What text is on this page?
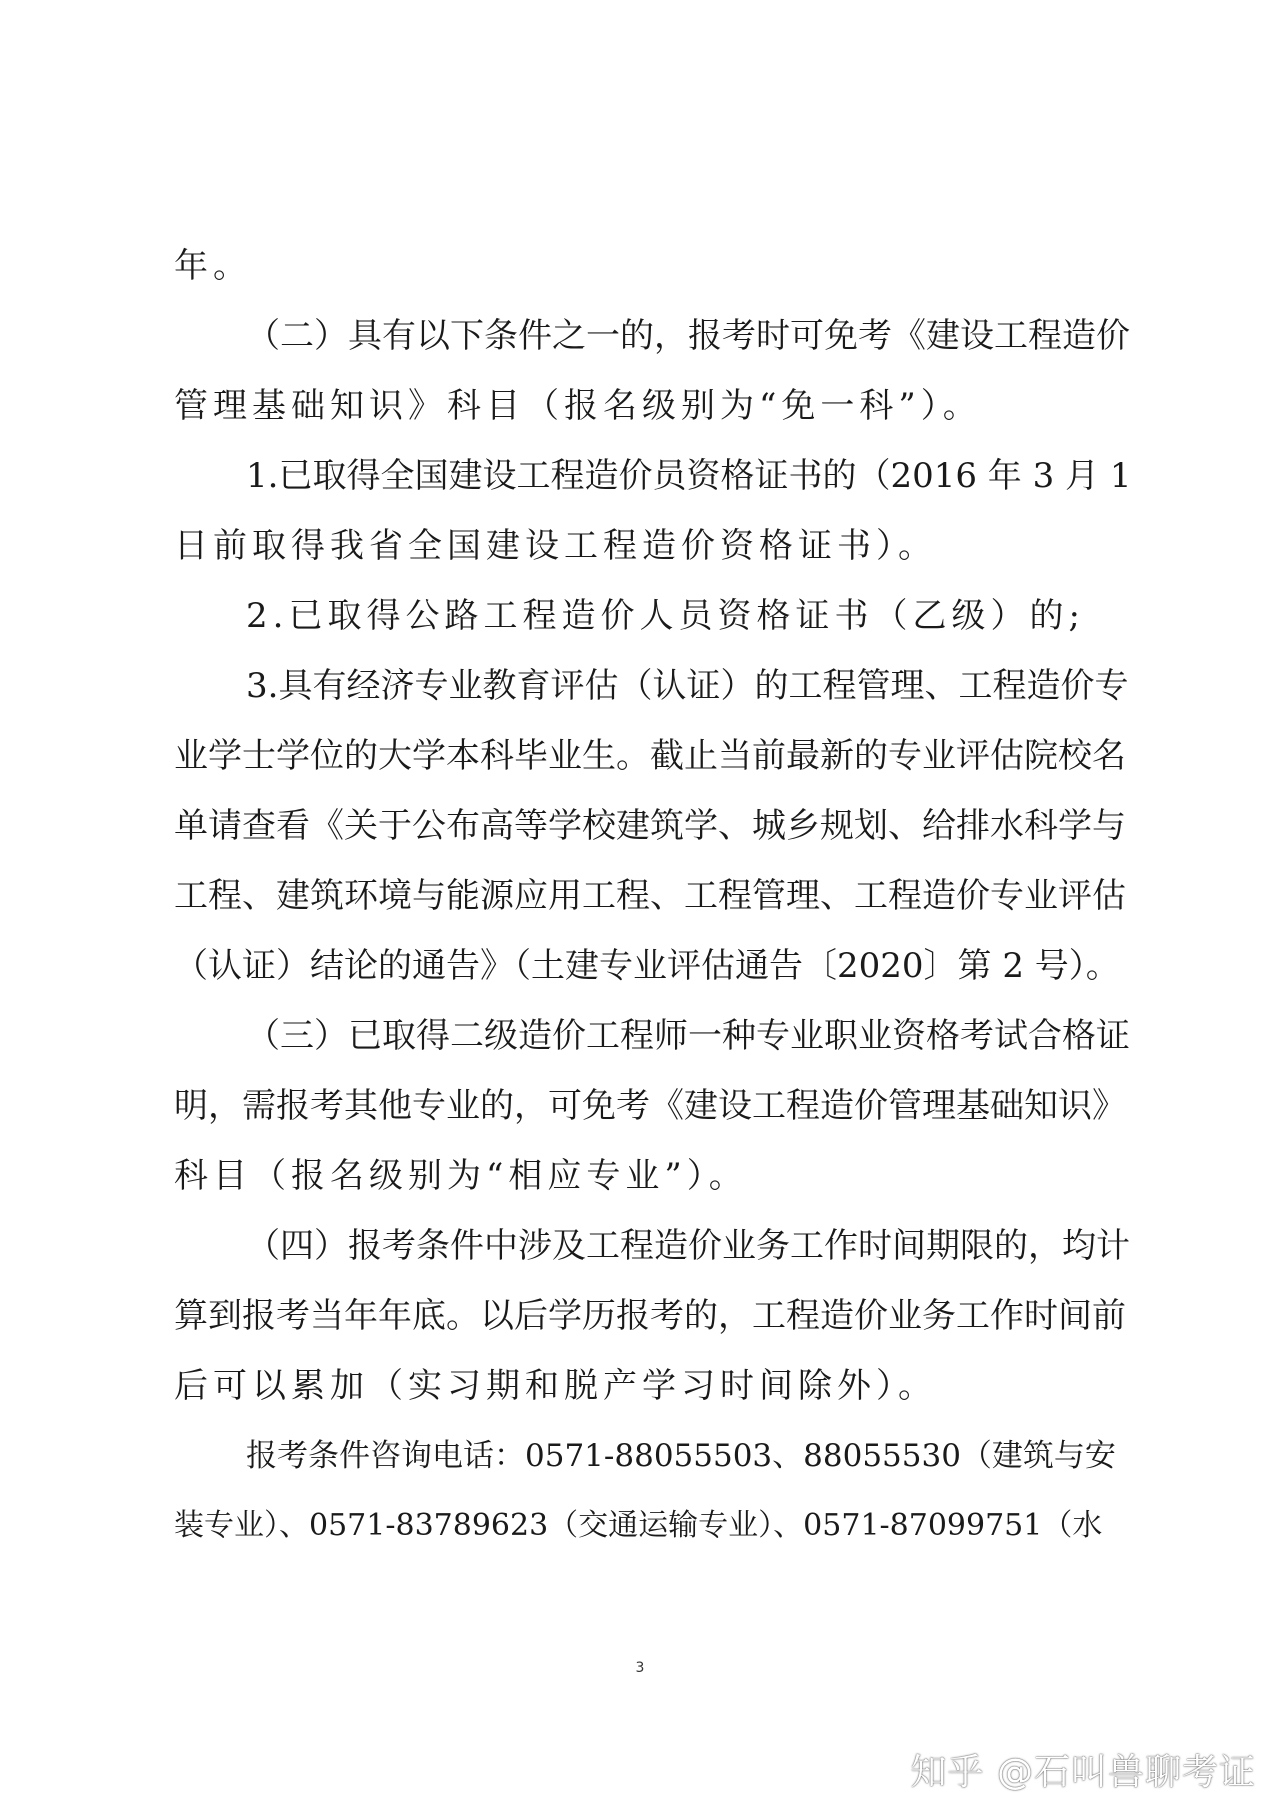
年。
（二）具有以下条件之一的，报考时可免考《建设工程造价
管理基础知识》科目（报名级别为“免一科”）。
1.已取得全国建设工程造价员资格证书的（2016 年 3 月 1
日前取得我省全国建设工程造价资格证书）。
2.已取得公路工程造价人员资格证书（乙级）的;
3.具有经济专业教育评估（认证）的工程管理、工程造价专
业学士学位的大学本科毕业生。截止当前最新的专业评估院校名
单请查看《关于公布高等学校建筑学、城乡规划、给排水科学与
工程、建筑环境与能源应用工程、工程管理、工程造价专业评估
（认证）结论的通告》（土建专业评估通告〔2020〕第 2 号）。
（三）已取得二级造价工程师一种专业职业资格考试合格证
明，需报考其他专业的，可免考《建设工程造价管理基础知识》
科目（报名级别为“相应专业”）。
（四）报考条件中涉及工程造价业务工作时间期限的，均计
算到报考当年年底。以后学历报考的，工程造价业务工作时间前
后可以累加（实习期和脱产学习时间除外）。
报考条件咨询电话：0571-88055503、88055530（建筑与安
装专业）、0571-83789623（交通运输专业）、0571-87099751（水
3
知乎 @石叫兽聊考证
